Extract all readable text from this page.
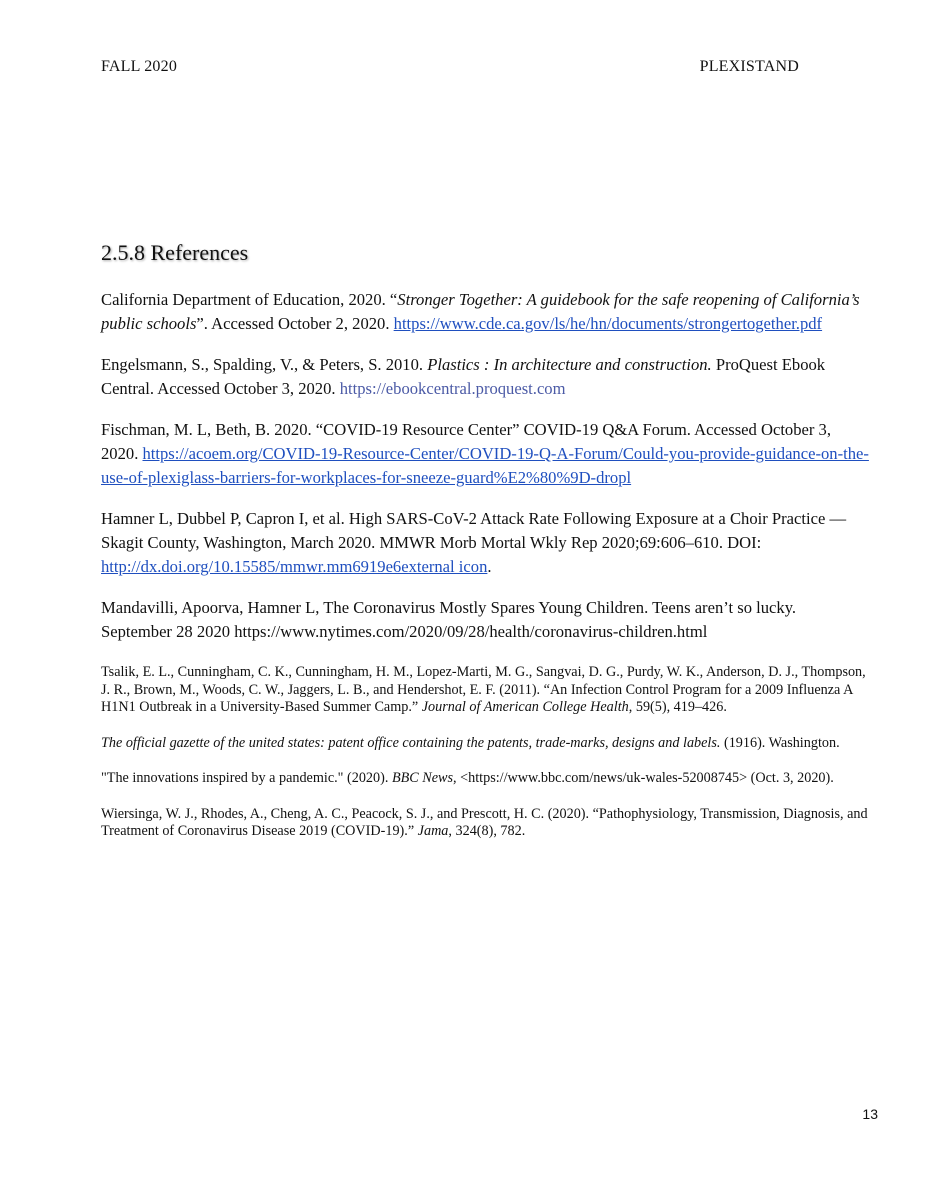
FALL 2020	PLEXISTAND
2.5.8 References

California Department of Education, 2020. “Stronger Together: A guidebook for the safe reopening of California’s public schools”. Accessed October 2, 2020. https://www.cde.ca.gov/ls/he/hn/documents/strongertogether.pdf

Engelsmann, S., Spalding, V., & Peters, S. 2010. Plastics : In architecture and construction. ProQuest Ebook Central. Accessed October 3, 2020. https://ebookcentral.proquest.com

Fischman, M. L, Beth, B. 2020. “COVID-19 Resource Center” COVID-19 Q&A Forum. Accessed October 3, 2020. https://acoem.org/COVID-19-Resource-Center/COVID-19-Q-A-Forum/Could-you-provide-guidance-on-the-use-of-plexiglass-barriers-for-workplaces-for-sneeze-guard%E2%80%9D-dropl

Hamner L, Dubbel P, Capron I, et al. High SARS-CoV-2 Attack Rate Following Exposure at a Choir Practice — Skagit County, Washington, March 2020. MMWR Morb Mortal Wkly Rep 2020;69:606–610. DOI: http://dx.doi.org/10.15585/mmwr.mm6919e6external icon.

Mandavilli, Apoorva, Hamner L, The Coronavirus Mostly Spares Young Children. Teens aren’t so lucky. September 28 2020 https://www.nytimes.com/2020/09/28/health/coronavirus-children.html

Tsalik, E. L., Cunningham, C. K., Cunningham, H. M., Lopez-Marti, M. G., Sangvai, D. G., Purdy, W. K., Anderson, D. J., Thompson, J. R., Brown, M., Woods, C. W., Jaggers, L. B., and Hendershot, E. F. (2011). “An Infection Control Program for a 2009 Influenza A H1N1 Outbreak in a University-Based Summer Camp.” Journal of American College Health, 59(5), 419–426.

The official gazette of the united states: patent office containing the patents, trade-marks, designs and labels. (1916). Washington.

"The innovations inspired by a pandemic." (2020). BBC News, <https://www.bbc.com/news/uk-wales-52008745> (Oct. 3, 2020).

Wiersinga, W. J., Rhodes, A., Cheng, A. C., Peacock, S. J., and Prescott, H. C. (2020). “Pathophysiology, Transmission, Diagnosis, and Treatment of Coronavirus Disease 2019 (COVID-19).” Jama, 324(8), 782.

13
